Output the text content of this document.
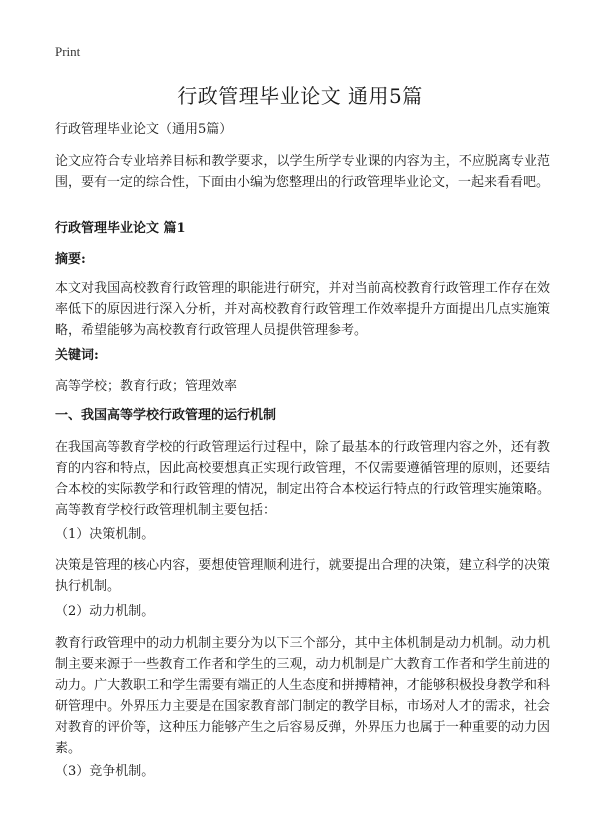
Print
行政管理毕业论文 通用5篇

行政管理毕业论文（通用5篇）

论文应符合专业培养目标和教学要求，以学生所学专业课的内容为主，不应脱离专业范围，要有一定的综合性，下面由小编为您整理出的行政管理毕业论文，一起来看看吧。

行政管理毕业论文 篇1

摘要:

本文对我国高校教育行政管理的职能进行研究，并对当前高校教育行政管理工作存在效率低下的原因进行深入分析，并对高校教育行政管理工作效率提升方面提出几点实施策略，希望能够为高校教育行政管理人员提供管理参考。

关键词:

高等学校；教育行政；管理效率

一、我国高等学校行政管理的运行机制

在我国高等教育学校的行政管理运行过程中，除了最基本的行政管理内容之外，还有教育的内容和特点，因此高校要想真正实现行政管理，不仅需要遵循管理的原则，还要结合本校的实际教学和行政管理的情况，制定出符合本校运行特点的行政管理实施策略。高等教育学校行政管理机制主要包括：

（1）决策机制。

决策是管理的核心内容，要想使管理顺利进行，就要提出合理的决策，建立科学的决策执行机制。

（2）动力机制。

教育行政管理中的动力机制主要分为以下三个部分，其中主体机制是动力机制。动力机制主要来源于一些教育工作者和学生的三观，动力机制是广大教育工作者和学生前进的动力。广大教职工和学生需要有端正的人生态度和拼搏精神，才能够积极投身教学和科研管理中。外界压力主要是在国家教育部门制定的教学目标，市场对人才的需求，社会对教育的评价等，这种压力能够产生之后容易反弹，外界压力也属于一种重要的动力因素。

（3）竞争机制。
